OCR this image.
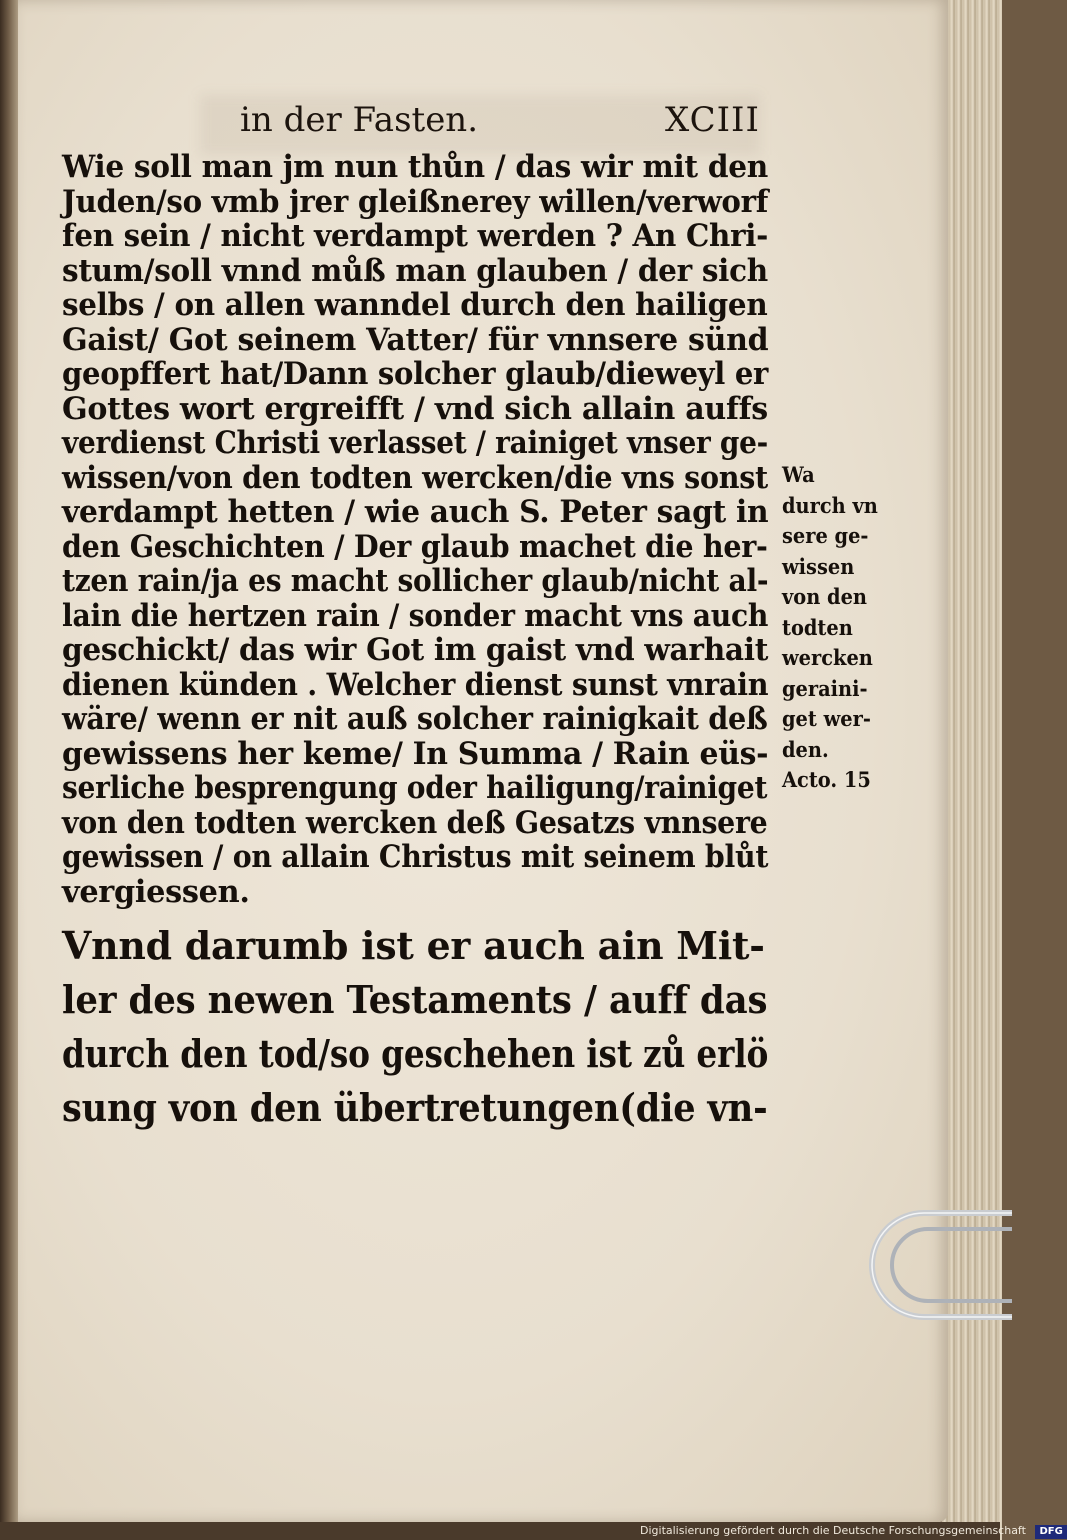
in der Fasten.	XCIII
Wie soll man jm nun thůn / das wir mit den
Juden/so vmb jrer gleißnerey willen/verworf
fen sein / nicht verdampt werden ? An Chri-
stum/soll vnnd můß man glauben / der sich
selbs / on allen wanndel durch den hailigen
Gaist/ Got seinem Vatter/ für vnnsere sünd
geopffert hat/Dann solcher glaub/dieweyl er
Gottes wort ergreifft / vnd sich allain auffs
verdienst Christi verlasset / rainiget vnser ge-
wissen/von den todten wercken/die vns sonst
verdampt hetten / wie auch S. Peter sagt in
den Geschichten / Der glaub machet die her-
tzen rain/ja es macht sollicher glaub/nicht al-
lain die hertzen rain / sonder macht vns auch
geschickt/ das wir Got im gaist vnd warhait
dienen künden . Welcher dienst sunst vnrain
wäre/ wenn er nit auß solcher rainigkait deß
gewissens her keme/ In Summa / Rain eüs-
serliche besprengung oder hailigung/rainiget
von den todten wercken deß Gesatzs vnnsere
gewissen / on allain Christus mit seinem blůt
vergiessen.
Vnnd darumb ist er auch ain Mit-
ler des newen Testaments / auff das
durch den tod/so geschehen ist zů erlö
sung von den übertretungen(die vn-
Wa
durch vn
sere ge-
wissen
von den
todten
wercken
geraini-
get wer-
den.
Acto. 15
Digitalisierung gefördert durch die Deutsche Forschungsgemeinschaft DFG
